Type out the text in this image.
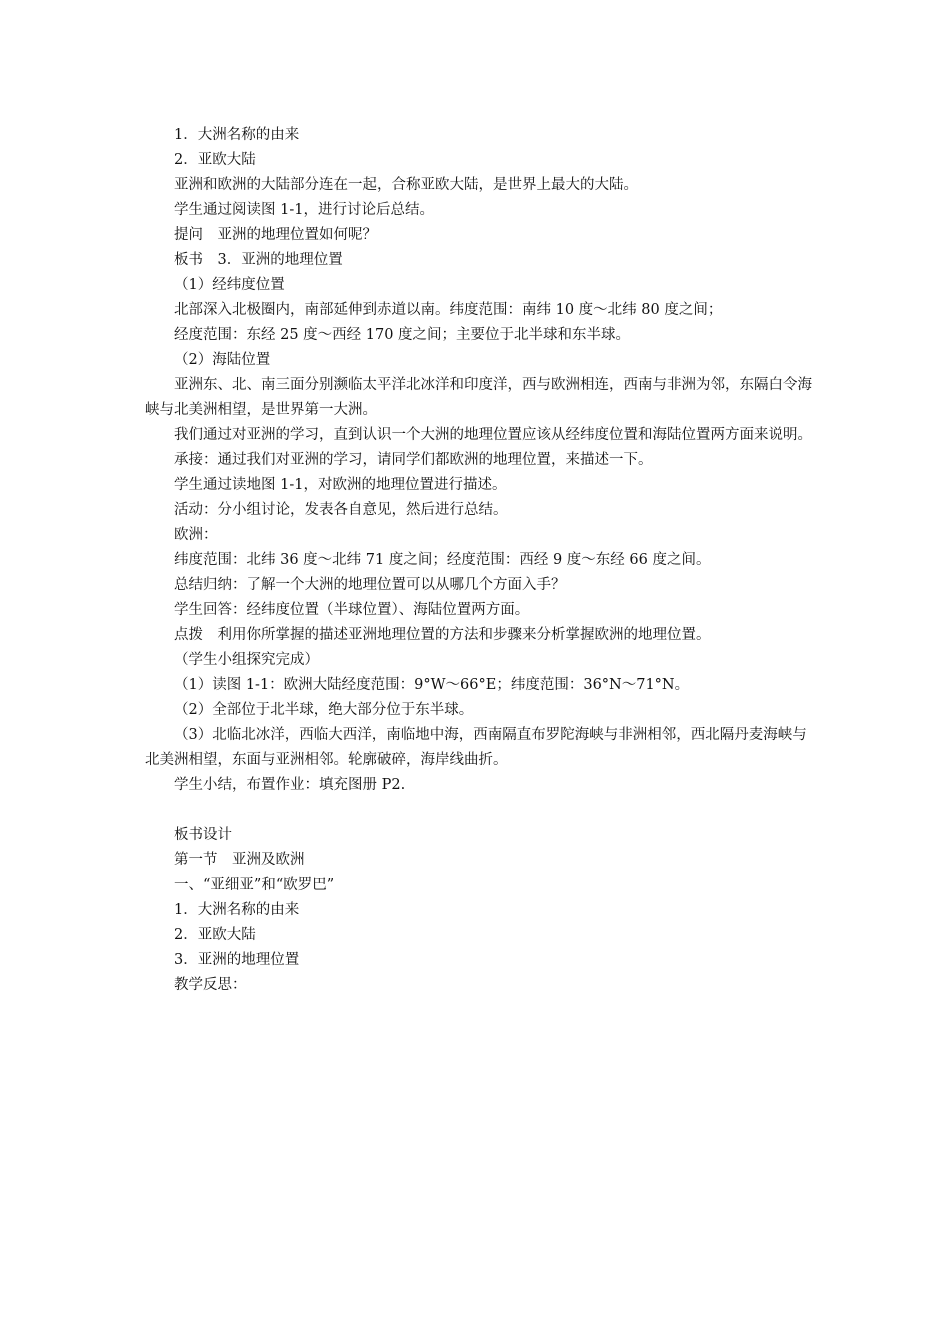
1．大洲名称的由来

2．亚欧大陆

亚洲和欧洲的大陆部分连在一起，合称亚欧大陆，是世界上最大的大陆。

学生通过阅读图 1-1，进行讨论后总结。

提问　亚洲的地理位置如何呢？

板书　3．亚洲的地理位置

（1）经纬度位置

北部深入北极圈内，南部延伸到赤道以南。纬度范围：南纬 10 度～北纬 80 度之间；

经度范围：东经 25 度～西经 170 度之间；主要位于北半球和东半球。

（2）海陆位置

亚洲东、北、南三面分别濒临太平洋北冰洋和印度洋，西与欧洲相连，西南与非洲为邻，东隔白令海峡与北美洲相望，是世界第一大洲。

我们通过对亚洲的学习，直到认识一个大洲的地理位置应该从经纬度位置和海陆位置两方面来说明。

承接：通过我们对亚洲的学习，请同学们都欧洲的地理位置，来描述一下。

学生通过读地图 1-1，对欧洲的地理位置进行描述。

活动：分小组讨论，发表各自意见，然后进行总结。

欧洲：

纬度范围：北纬 36 度～北纬 71 度之间；经度范围：西经 9 度～东经 66 度之间。

总结归纳：了解一个大洲的地理位置可以从哪几个方面入手？

学生回答：经纬度位置（半球位置）、海陆位置两方面。

点拨　利用你所掌握的描述亚洲地理位置的方法和步骤来分析掌握欧洲的地理位置。

（学生小组探究完成）

（1）读图 1-1：欧洲大陆经度范围：9°W～66°E；纬度范围：36°N～71°N。

（2）全部位于北半球，绝大部分位于东半球。

（3）北临北冰洋，西临大西洋，南临地中海，西南隔直布罗陀海峡与非洲相邻，西北隔丹麦海峡与北美洲相望，东面与亚洲相邻。轮廓破碎，海岸线曲折。

学生小结，布置作业：填充图册 P2.

板书设计

第一节　亚洲及欧洲

一、“亚细亚”和“欧罗巴”

1．大洲名称的由来

2．亚欧大陆

3．亚洲的地理位置

教学反思：
